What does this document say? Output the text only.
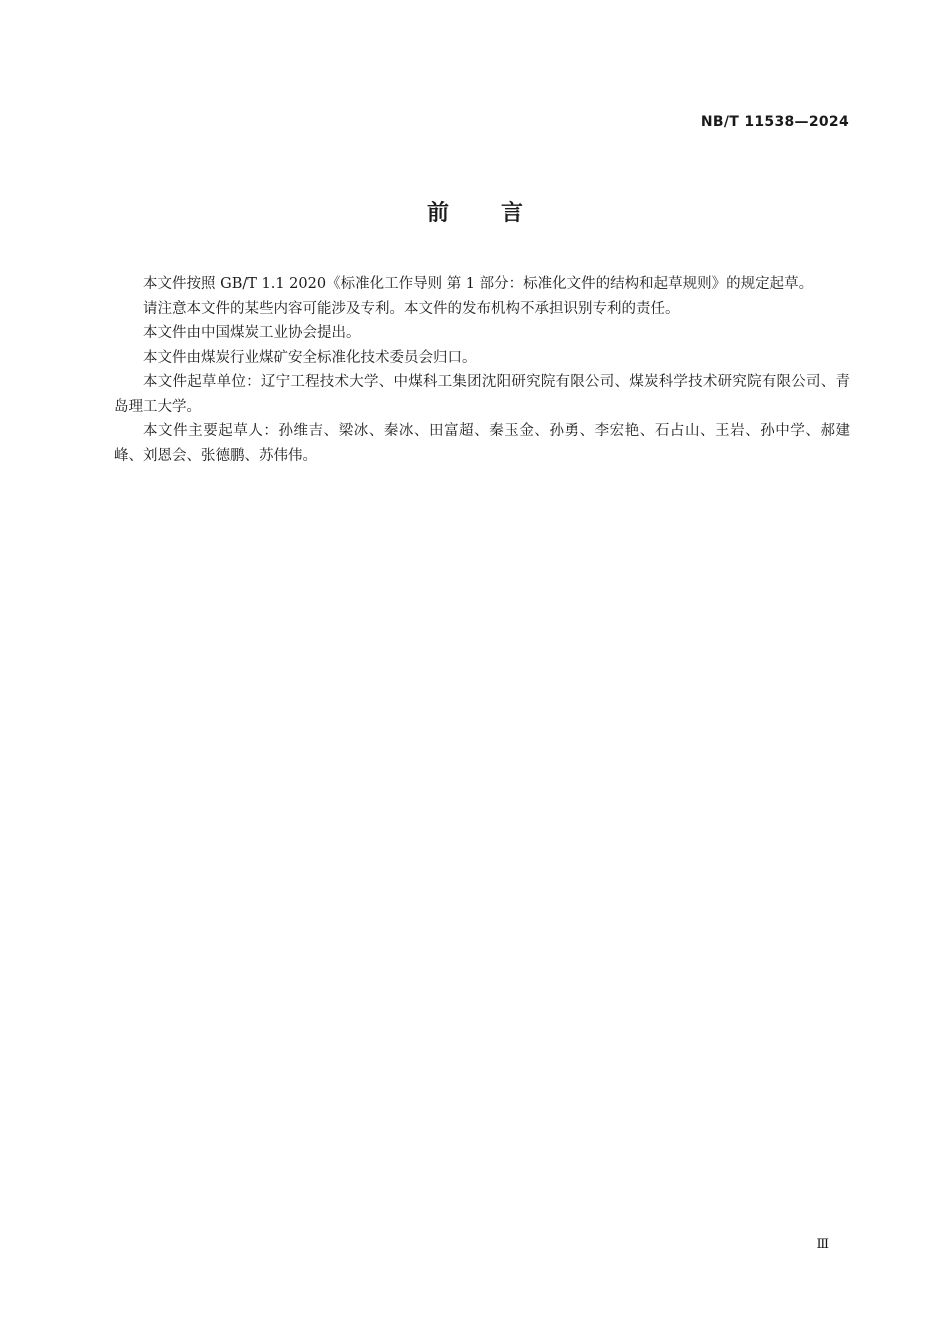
NB/T 11538—2024
前言

本文件按照 GB/T 1.1 2020《标准化工作导则 第 1 部分：标准化文件的结构和起草规则》的规定起草。

请注意本文件的某些内容可能涉及专利。本文件的发布机构不承担识别专利的责任。

本文件由中国煤炭工业协会提出。

本文件由煤炭行业煤矿安全标准化技术委员会归口。

本文件起草单位：辽宁工程技术大学、中煤科工集团沈阳研究院有限公司、煤炭科学技术研究院有限公司、青岛理工大学。

本文件主要起草人：孙维吉、梁冰、秦冰、田富超、秦玉金、孙勇、李宏艳、石占山、王岩、孙中学、郝建峰、刘恩会、张德鹏、苏伟伟。

Ⅲ
